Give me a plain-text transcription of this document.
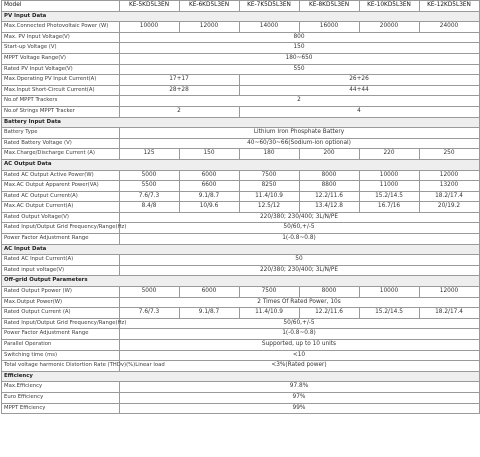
Model	KE-5KD5L3EN	KE-6KD5L3EN	KE-7K5D5L3EN	KE-8KD5L3EN	KE-10KD5L3EN	KE-12KD5L3EN
PV Input Data						
Max.Connected Photovoltaic Power (W)	10000	12000	14000	16000	20000	24000
Max. PV Input Voltage(V)	800					
Start-up Voltage (V)	150					
MPPT Voltage Range(V)	180~650					
Rated PV Input Voltage(V)	550					
Max.Operating PV Input Current(A)	17+17		26+26			
Max.Input Short-Circuit Current(A)	28+28		44+44			
No.of MPPT Trackers	2					
No.of Strings MPPT Tracker	2		4			
Battery Input Data						
Battery Type	Lithium Iron Phosphate Battery					
Rated Battery Voltage (V)	40~60/30~66(Sodium-ion optional)					
Max.Charge/Discharge Current (A)	125	150	180	200	220	250
AC Output Data						
Rated AC Output Active Power(W)	5000	6000	7500	8000	10000	12000
Max.AC Output Apparent Power(VA)	5500	6600	8250	8800	11000	13200
Rated AC Output Current(A)	7.6/7.3	9.1/8.7	11.4/10.9	12.2/11.6	15.2/14.5	18.2/17.4
Max.AC Output Current(A)	8.4/8	10/9.6	12.5/12	13.4/12.8	16.7/16	20/19.2
Rated Output Voltage(V)	220/380; 230/400; 3L/N/PE					
Rated Input/Output Grid Frequency/Range(Hz)	50/60,+/-5					
Power Factor Adjustment Range	1(-0.8~0.8)					
AC Input Data						
Rated AC Input Current(A)	50					
Rated input voltage(V)	220/380; 230/400; 3L/N/PE					
Off-grid Output Parameters						
Rated Output Ppower (W)	5000	6000	7500	8000	10000	12000
Max.Output Power(W)	2 Times Of Rated Power, 10s					
Rated Output Current (A)	7.6/7.3	9.1/8.7	11.4/10.9	12.2/11.6	15.2/14.5	18.2/17.4
Rated Input/Output Grid Frequency/Range(Hz)	50/60,+/-5					
Power Factor Adjustment Range	1(-0.8~0.8)					
Parallel Operation	Supported, up to 10 units					
Switching time (ms)	<10					
Total voltage harmonic Distortion Rate (THDv)(%)Linear load	<3%(Rated power)					
Efficiency						
Max.Efficiency	97.8%					
Euro Efficiency	97%					
MPPT Efficiency	99%					
